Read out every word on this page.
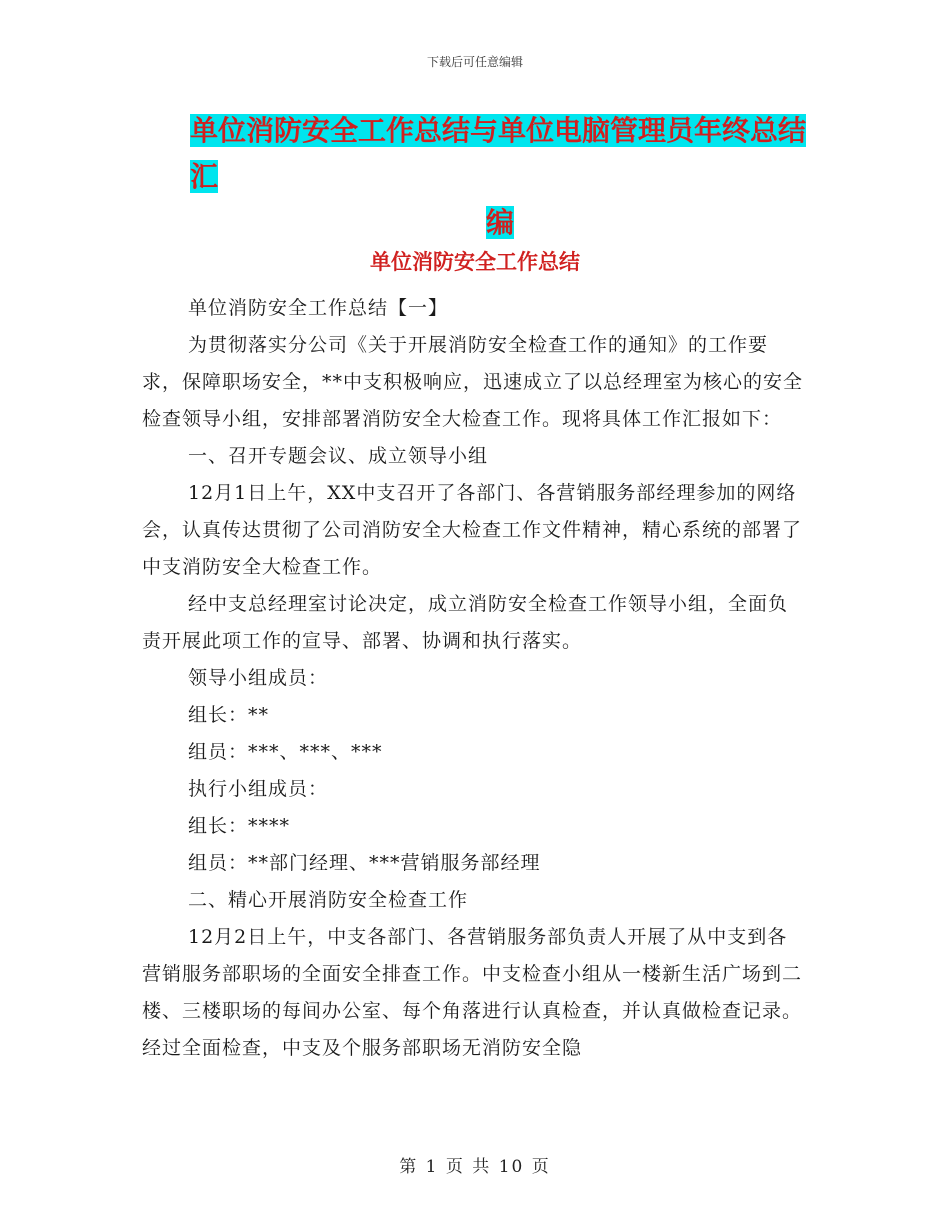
下载后可任意编辑
单位消防安全工作总结与单位电脑管理员年终总结汇
编
单位消防安全工作总结

单位消防安全工作总结【一】

为贯彻落实分公司《关于开展消防安全检查工作的通知》的工作要求，保障职场安全，**中支积极响应，迅速成立了以总经理室为核心的安全检查领导小组，安排部署消防安全大检查工作。现将具体工作汇报如下：

一、召开专题会议、成立领导小组

12月1日上午，XX中支召开了各部门、各营销服务部经理参加的网络会，认真传达贯彻了公司消防安全大检查工作文件精神，精心系统的部署了中支消防安全大检查工作。

经中支总经理室讨论决定，成立消防安全检查工作领导小组，全面负责开展此项工作的宣导、部署、协调和执行落实。

领导小组成员：

组长：**

组员：***、***、***

执行小组成员：

组长：****

组员：**部门经理、***营销服务部经理

二、精心开展消防安全检查工作

12月2日上午，中支各部门、各营销服务部负责人开展了从中支到各营销服务部职场的全面安全排查工作。中支检查小组从一楼新生活广场到二楼、三楼职场的每间办公室、每个角落进行认真检查，并认真做检查记录。经过全面检查，中支及个服务部职场无消防安全隐

第 1 页 共 10 页
